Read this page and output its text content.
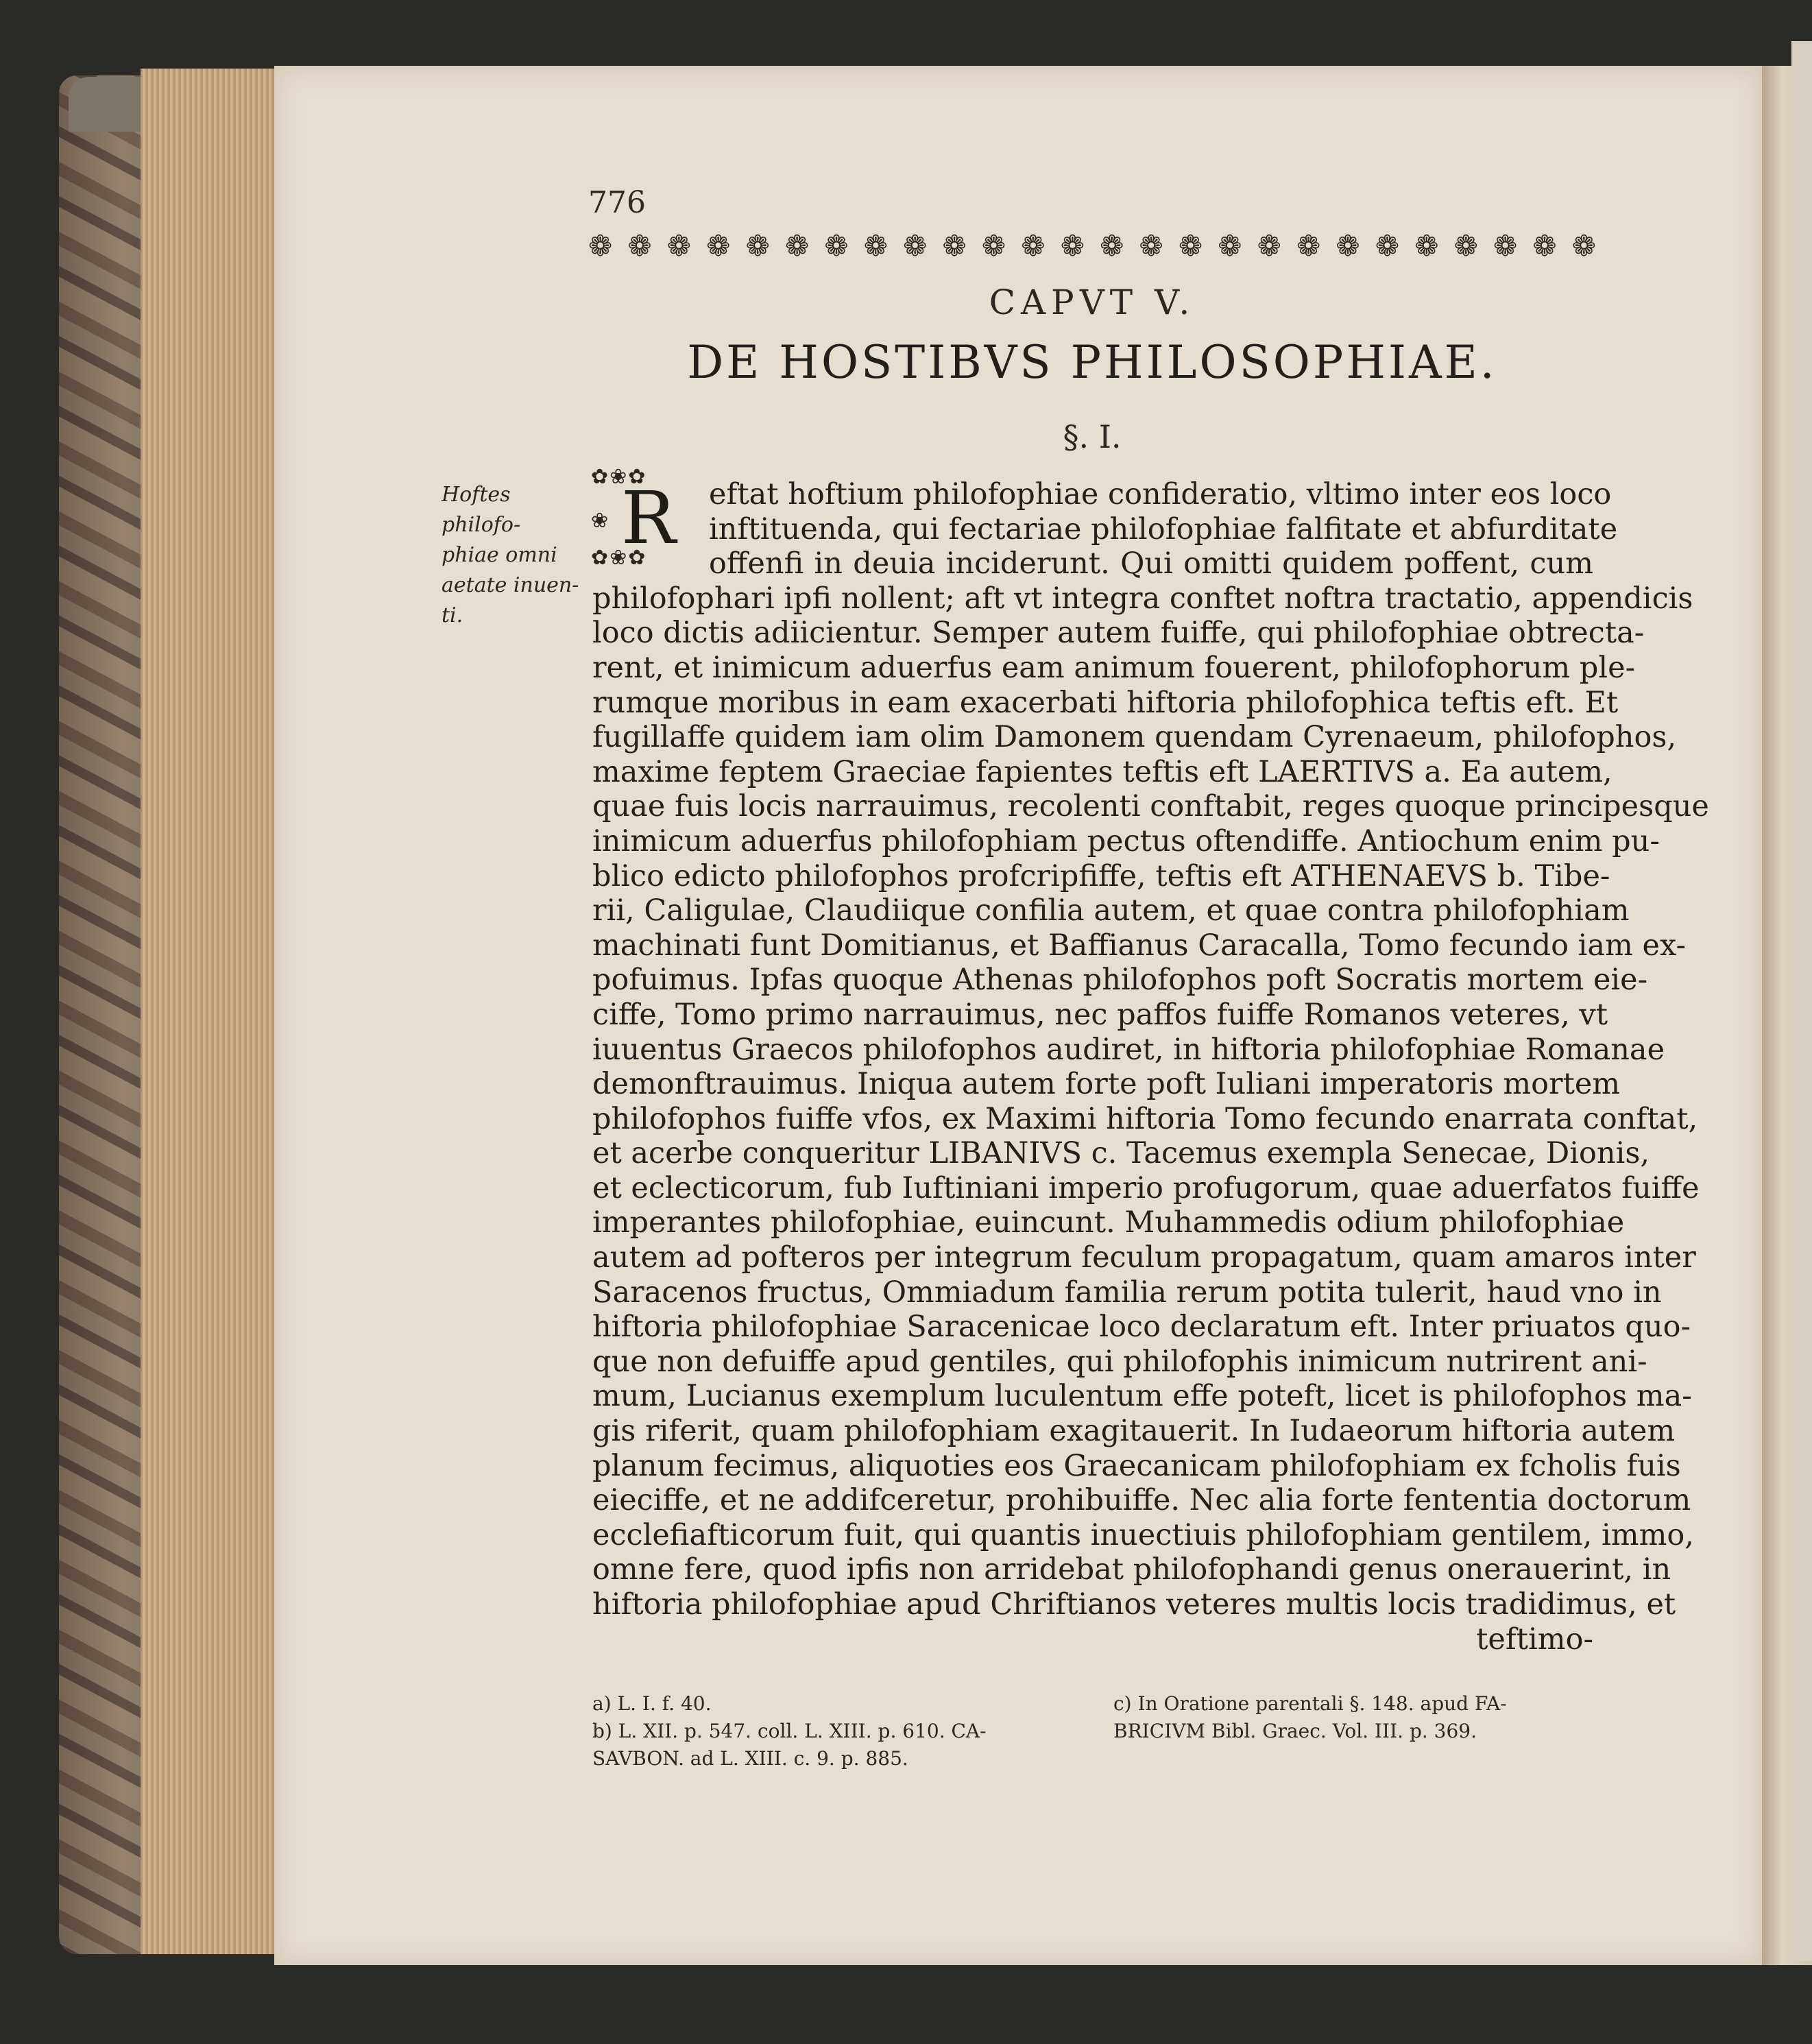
776
❁ ❁ ❁ ❁ ❁ ❁ ❁ ❁ ❁ ❁ ❁ ❁ ❁ ❁ ❁ ❁ ❁ ❁ ❁ ❁ ❁ ❁ ❁ ❁ ❁ ❁
CAPVT V.
DE HOSTIBVS PHILOSOPHIAE.
§. I.
Hoftes philofo-
phiae omni
aetate inuen-
ti.
✿❀✿
❀
✿❀✿
R	eftat hoftium philofophiae confideratio, vltimo inter eos loco
inftituenda, qui fectariae philofophiae falfitate et abfurditate
offenfi in deuia inciderunt. Qui omitti quidem poffent, cum
philofophari ipfi nollent; aft vt integra conftet noftra tractatio, appendicis
loco dictis adiicientur. Semper autem fuiffe, qui philofophiae obtrecta-
rent, et inimicum aduerfus eam animum fouerent, philofophorum ple-
rumque moribus in eam exacerbati hiftoria philofophica teftis eft. Et
fugillaffe quidem iam olim Damonem quendam Cyrenaeum, philofophos,
maxime feptem Graeciae fapientes teftis eft LAERTIVS a. Ea autem,
quae fuis locis narrauimus, recolenti conftabit, reges quoque principesque
inimicum aduerfus philofophiam pectus oftendiffe. Antiochum enim pu-
blico edicto philofophos profcripfiffe, teftis eft ATHENAEVS b. Tibe-
rii, Caligulae, Claudiique confilia autem, et quae contra philofophiam
machinati funt Domitianus, et Baffianus Caracalla, Tomo fecundo iam ex-
pofuimus. Ipfas quoque Athenas philofophos poft Socratis mortem eie-
ciffe, Tomo primo narrauimus, nec paffos fuiffe Romanos veteres, vt
iuuentus Graecos philofophos audiret, in hiftoria philofophiae Romanae
demonftrauimus. Iniqua autem forte poft Iuliani imperatoris mortem
philofophos fuiffe vfos, ex Maximi hiftoria Tomo fecundo enarrata conftat,
et acerbe conqueritur LIBANIVS c. Tacemus exempla Senecae, Dionis,
et eclecticorum, fub Iuftiniani imperio profugorum, quae aduerfatos fuiffe
imperantes philofophiae, euincunt. Muhammedis odium philofophiae
autem ad pofteros per integrum feculum propagatum, quam amaros inter
Saracenos fructus, Ommiadum familia rerum potita tulerit, haud vno in
hiftoria philofophiae Saracenicae loco declaratum eft. Inter priuatos quo-
que non defuiffe apud gentiles, qui philofophis inimicum nutrirent ani-
mum, Lucianus exemplum luculentum effe poteft, licet is philofophos ma-
gis riferit, quam philofophiam exagitauerit. In Iudaeorum hiftoria autem
planum fecimus, aliquoties eos Graecanicam philofophiam ex fcholis fuis
eieciffe, et ne addifceretur, prohibuiffe. Nec alia forte fententia doctorum
ecclefiafticorum fuit, qui quantis inuectiuis philofophiam gentilem, immo,
omne fere, quod ipfis non arridebat philofophandi genus onerauerint, in
hiftoria philofophiae apud Chriftianos veteres multis locis tradidimus, et
teftimo-
a) L. I. f. 40.
b) L. XII. p. 547. coll. L. XIII. p. 610. CA-
SAVBON. ad L. XIII. c. 9. p. 885.
c) In Oratione parentali §. 148. apud FA-
BRICIVM Bibl. Graec. Vol. III. p. 369.
